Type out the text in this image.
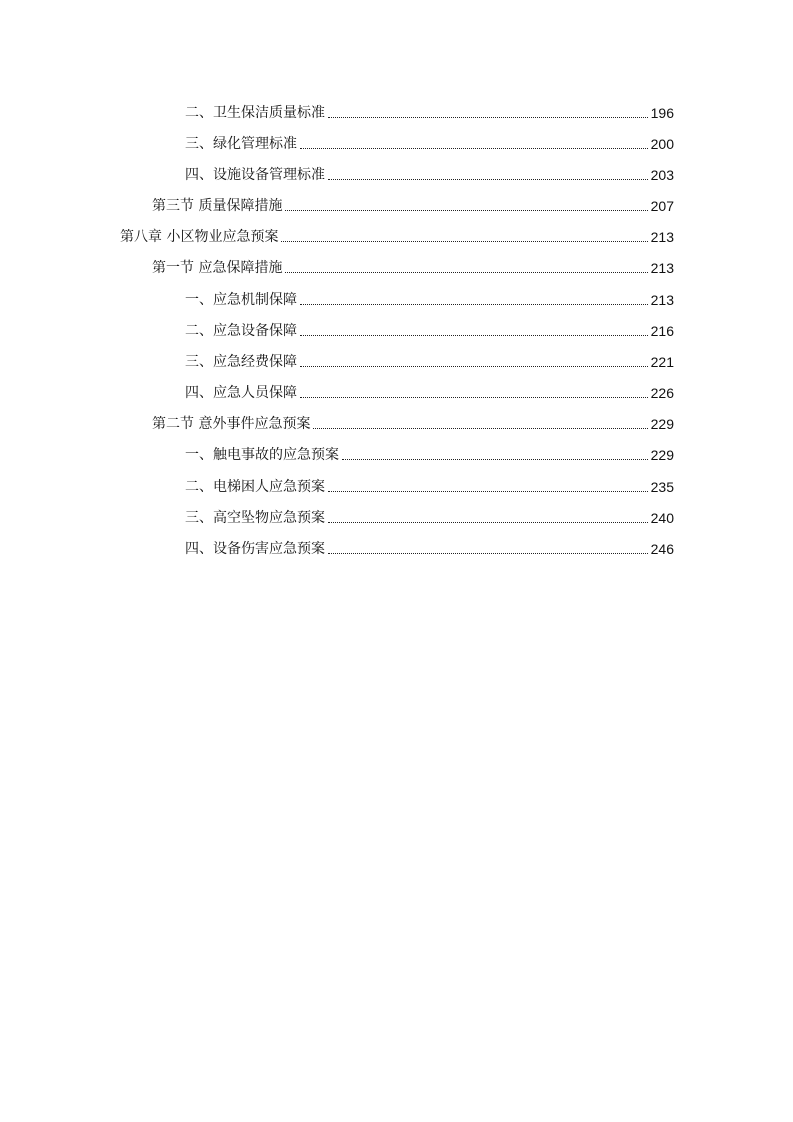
二、卫生保洁质量标准	196
三、绿化管理标准	200
四、设施设备管理标准	203
第三节 质量保障措施	207
第八章 小区物业应急预案	213
第一节 应急保障措施	213
一、应急机制保障	213
二、应急设备保障	216
三、应急经费保障	221
四、应急人员保障	226
第二节 意外事件应急预案	229
一、触电事故的应急预案	229
二、电梯困人应急预案	235
三、高空坠物应急预案	240
四、设备伤害应急预案	246
